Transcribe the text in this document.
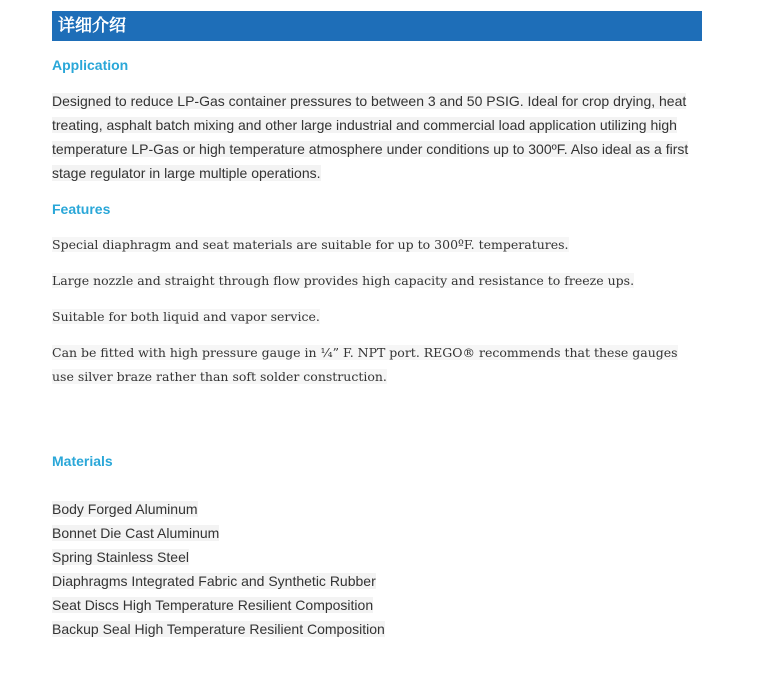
详细介绍
Application
Designed to reduce LP-Gas container pressures to between 3 and 50 PSIG. Ideal for crop drying, heat treating, asphalt batch mixing and other large industrial and commercial load application utilizing high temperature LP-Gas or high temperature atmosphere under conditions up to 300ºF. Also ideal as a first stage regulator in large multiple operations.
Features
Special diaphragm and seat materials are suitable for up to 300ºF. temperatures.
Large nozzle and straight through flow provides high capacity and resistance to freeze ups.
Suitable for both liquid and vapor service.
Can be fitted with high pressure gauge in ¼” F. NPT port. REGO® recommends that these gauges use silver braze rather than soft solder construction.
Materials
Body Forged Aluminum
Bonnet Die Cast Aluminum
Spring Stainless Steel
Diaphragms Integrated Fabric and Synthetic Rubber
Seat Discs High Temperature Resilient Composition
Backup Seal High Temperature Resilient Composition
